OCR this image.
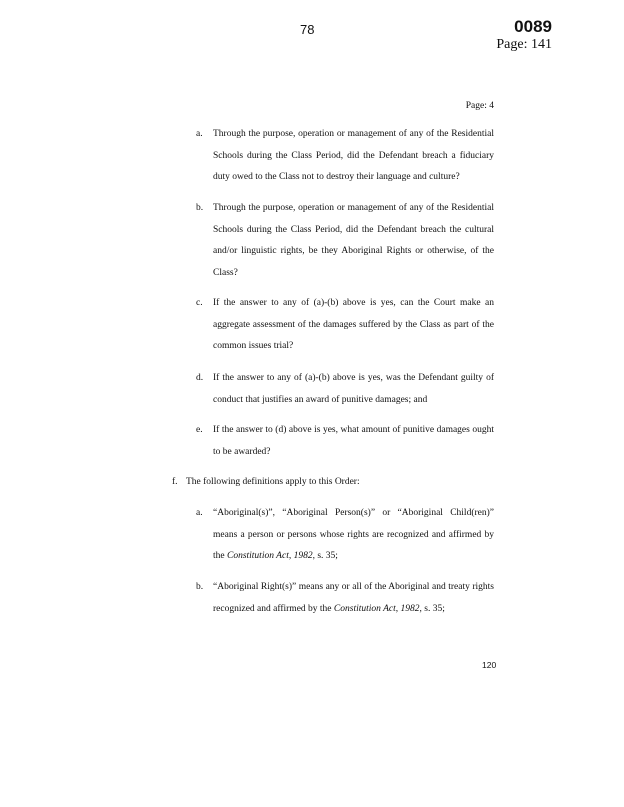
78	0089
Page: 141
Page: 4
a. Through the purpose, operation or management of any of the Residential Schools during the Class Period, did the Defendant breach a fiduciary duty owed to the Class not to destroy their language and culture?
b. Through the purpose, operation or management of any of the Residential Schools during the Class Period, did the Defendant breach the cultural and/or linguistic rights, be they Aboriginal Rights or otherwise, of the Class?
c. If the answer to any of (a)-(b) above is yes, can the Court make an aggregate assessment of the damages suffered by the Class as part of the common issues trial?
d. If the answer to any of (a)-(b) above is yes, was the Defendant guilty of conduct that justifies an award of punitive damages; and
e. If the answer to (d) above is yes, what amount of punitive damages ought to be awarded?
f. The following definitions apply to this Order:
a. “Aboriginal(s)”, “Aboriginal Person(s)” or “Aboriginal Child(ren)” means a person or persons whose rights are recognized and affirmed by the Constitution Act, 1982, s. 35;
b. “Aboriginal Right(s)” means any or all of the Aboriginal and treaty rights recognized and affirmed by the Constitution Act, 1982, s. 35;
120
